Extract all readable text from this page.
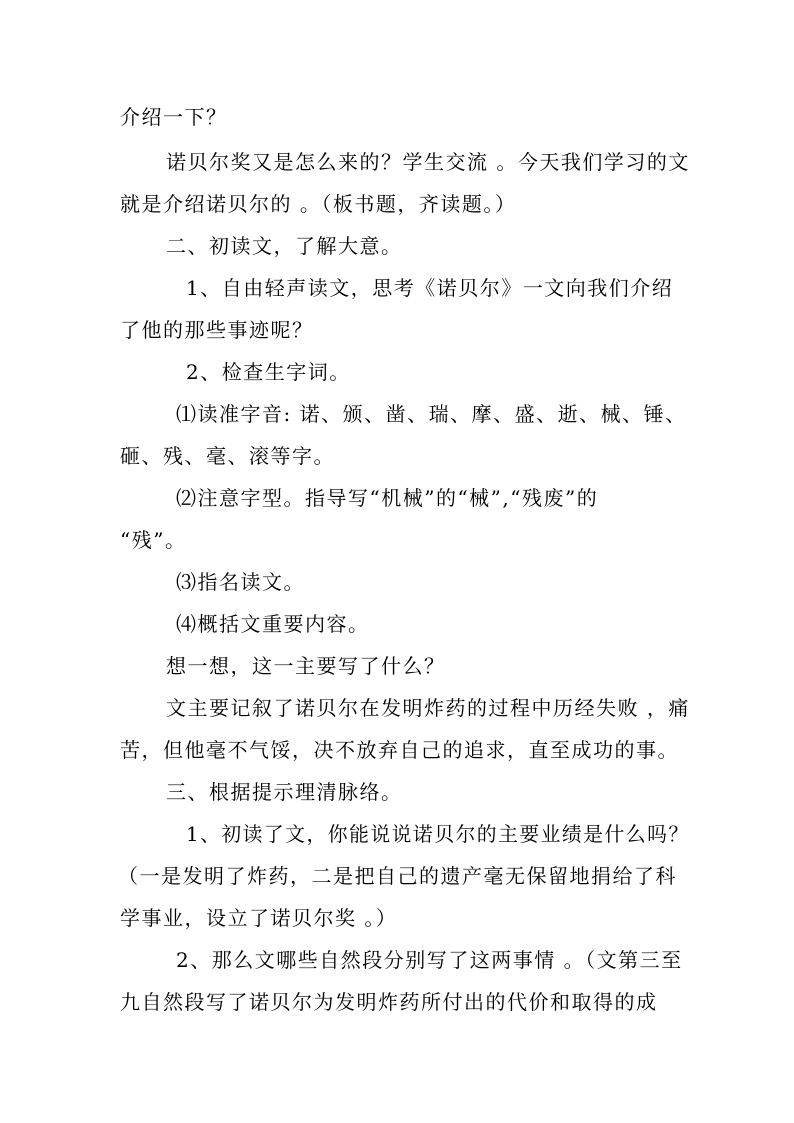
介绍一下？
诺贝尔奖又是怎么来的？学生交流 。今天我们学习的文
就是介绍诺贝尔的 。（板书题，齐读题。）
二、初读文，了解大意。
1、自由轻声读文，思考《诺贝尔》一文向我们介绍
了他的那些事迹呢？
2、检查生字词。
⑴读准字音: 诺、颁、凿、瑞、摩、盛、逝、械、锤、
砸、残、毫、滚等字。
⑵注意字型。指导写“机械”的“械”,“残废”的
“残”。
⑶指名读文。
⑷概括文重要内容。
想一想，这一主要写了什么？
文主要记叙了诺贝尔在发明炸药的过程中历经失败 ，痛
苦，但他毫不气馁，决不放弃自己的追求，直至成功的事。
三、根据提示理清脉络。
1、初读了文，你能说说诺贝尔的主要业绩是什么吗？
（一是发明了炸药，二是把自己的遗产毫无保留地捐给了科
学事业，设立了诺贝尔奖 。）
2、那么文哪些自然段分别写了这两事情 。（文第三至
九自然段写了诺贝尔为发明炸药所付出的代价和取得的成
